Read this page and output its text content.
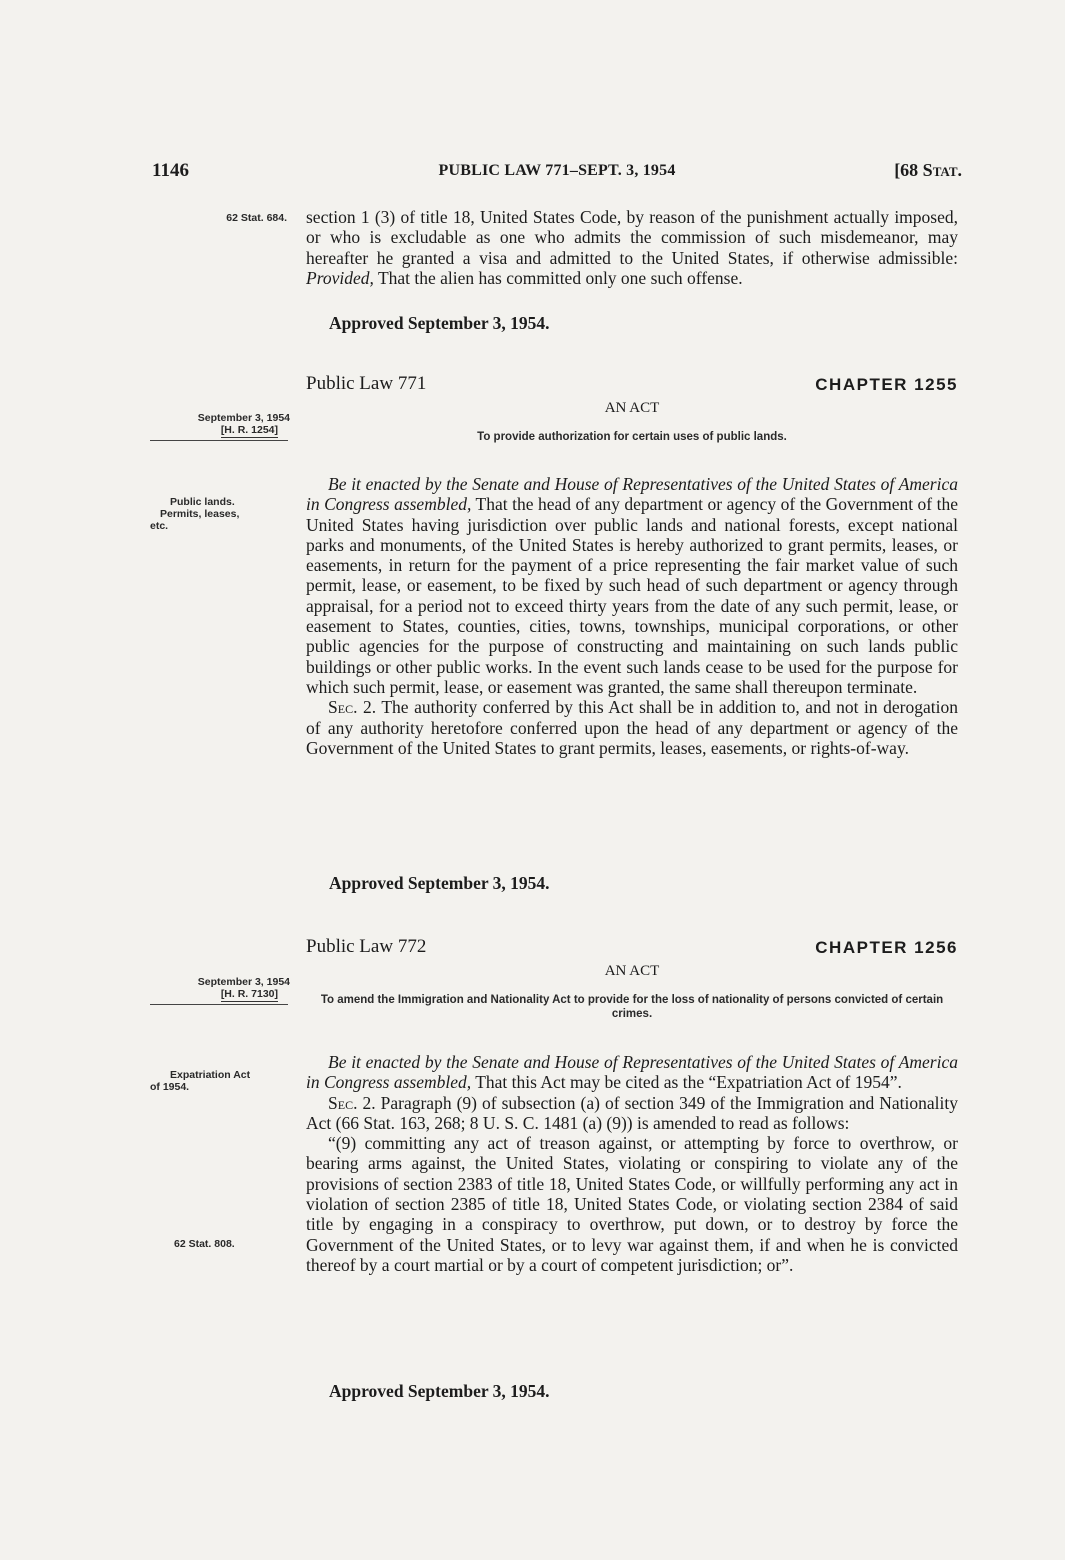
1146	PUBLIC LAW 771–SEPT. 3, 1954	[68 Stat.
62 Stat. 684. section 1 (3) of title 18, United States Code, by reason of the punishment actually imposed, or who is excludable as one who admits the commission of such misdemeanor, may hereafter he granted a visa and admitted to the United States, if otherwise admissible: Provided, That the alien has committed only one such offense.

Approved September 3, 1954.
Public Law 771	CHAPTER 1255
AN ACT
September 3, 1954
[H. R. 1254]
To provide authorization for certain uses of public lands.
Public lands.
Permits, leases,
etc.

Be it enacted by the Senate and House of Representatives of the United States of America in Congress assembled, That the head of any department or agency of the Government of the United States having jurisdiction over public lands and national forests, except national parks and monuments, of the United States is hereby authorized to grant permits, leases, or easements, in return for the payment of a price representing the fair market value of such permit, lease, or easement, to be fixed by such head of such department or agency through appraisal, for a period not to exceed thirty years from the date of any such permit, lease, or easement to States, counties, cities, towns, townships, municipal corporations, or other public agencies for the purpose of constructing and maintaining on such lands public buildings or other public works. In the event such lands cease to be used for the purpose for which such permit, lease, or easement was granted, the same shall thereupon terminate.

Sec. 2. The authority conferred by this Act shall be in addition to, and not in derogation of any authority heretofore conferred upon the head of any department or agency of the Government of the United States to grant permits, leases, easements, or rights-of-way.

Approved September 3, 1954.
Public Law 772	CHAPTER 1256
AN ACT
September 3, 1954
[H. R. 7130]	To amend the Immigration and Nationality Act to provide for the loss of nationality of persons convicted of certain crimes.
Expatriation Act
of 1954.

Be it enacted by the Senate and House of Representatives of the United States of America in Congress assembled, That this Act may be cited as the “Expatriation Act of 1954”.

Sec. 2. Paragraph (9) of subsection (a) of section 349 of the Immigration and Nationality Act (66 Stat. 163, 268; 8 U. S. C. 1481 (a) (9)) is amended to read as follows:

“(9) committing any act of treason against, or attempting by force to overthrow, or bearing arms against, the United States, violating or conspiring to violate any of the provisions of section 2383 of title 18, United States Code, or willfully performing any act in violation of section 2385 of title 18, United States Code, or violating section 2384 of said title by engaging in a conspiracy to overthrow, put down, or to destroy by force the Government of the United States, or to levy war against them, if and when he is convicted thereof by a court martial or by a court of competent jurisdiction; or”.

62 Stat. 808.
Approved September 3, 1954.
